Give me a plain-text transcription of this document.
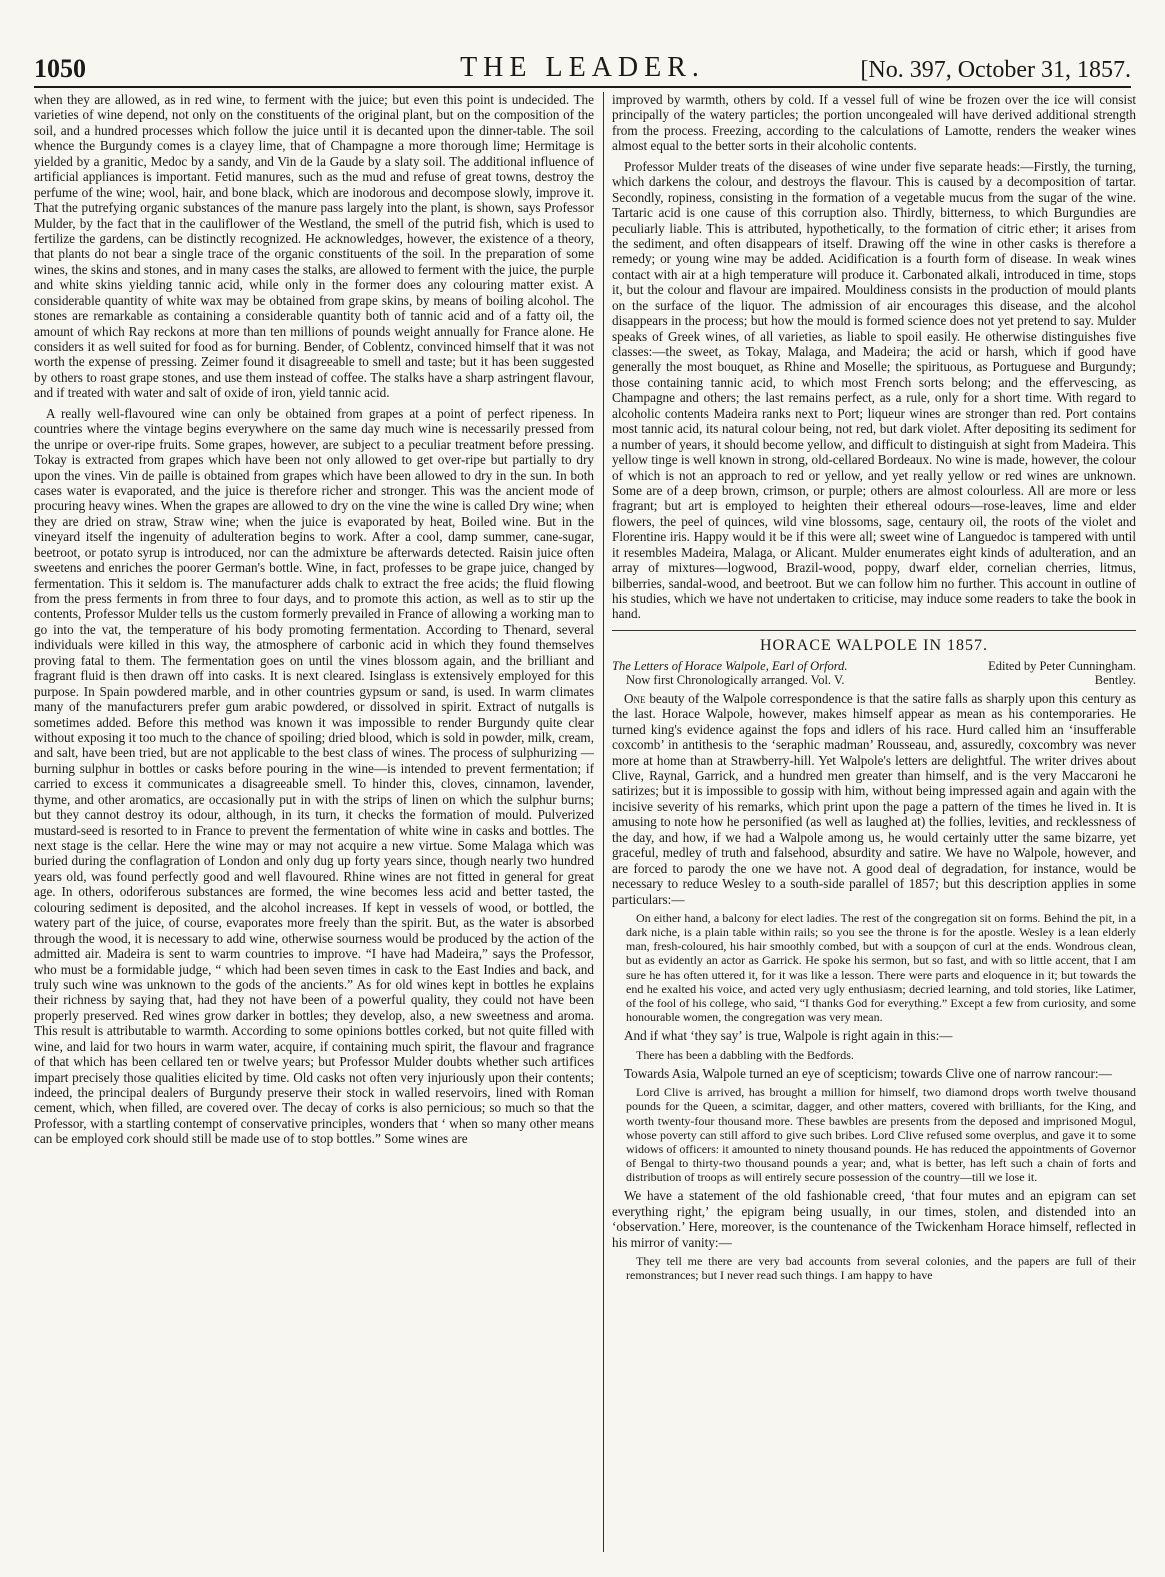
1050	THE LEADER.	[No. 397, October 31, 1857.

when they are allowed, as in red wine, to ferment with the juice; but even this point is undecided. The varieties of wine depend, not only on the constituents of the original plant, but on the composition of the soil, and a hundred processes which follow the juice until it is decanted upon the dinner-table. The soil whence the Burgundy comes is a clayey lime, that of Champagne a more thorough lime; Hermitage is yielded by a granitic, Medoc by a sandy, and Vin de la Gaude by a slaty soil. The additional influence of artificial appliances is important. Fetid manures, such as the mud and refuse of great towns, destroy the perfume of the wine; wool, hair, and bone black, which are inodorous and decompose slowly, improve it. That the putrefying organic substances of the manure pass largely into the plant, is shown, says Professor Mulder, by the fact that in the cauliflower of the Westland, the smell of the putrid fish, which is used to fertilize the gardens, can be distinctly recognized. He acknowledges, however, the existence of a theory, that plants do not bear a single trace of the organic constituents of the soil. In the preparation of some wines, the skins and stones, and in many cases the stalks, are allowed to ferment with the juice, the purple and white skins yielding tannic acid, while only in the former does any colouring matter exist. A considerable quantity of white wax may be obtained from grape skins, by means of boiling alcohol. The stones are remarkable as containing a considerable quantity both of tannic acid and of a fatty oil, the amount of which Ray reckons at more than ten millions of pounds weight annually for France alone. He considers it as well suited for food as for burning. Bender, of Coblentz, convinced himself that it was not worth the expense of pressing. Zeimer found it disagreeable to smell and taste; but it has been suggested by others to roast grape stones, and use them instead of coffee. The stalks have a sharp astringent flavour, and if treated with water and salt of oxide of iron, yield tannic acid.

A really well-flavoured wine can only be obtained from grapes at a point of perfect ripeness. In countries where the vintage begins everywhere on the same day much wine is necessarily pressed from the unripe or over-ripe fruits. Some grapes, however, are subject to a peculiar treatment before pressing. Tokay is extracted from grapes which have been not only allowed to get over-ripe but partially to dry upon the vines. Vin de paille is obtained from grapes which have been allowed to dry in the sun. In both cases water is evaporated, and the juice is therefore richer and stronger. This was the ancient mode of procuring heavy wines. When the grapes are allowed to dry on the vine the wine is called Dry wine; when they are dried on straw, Straw wine; when the juice is evaporated by heat, Boiled wine. But in the vineyard itself the ingenuity of adulteration begins to work. After a cool, damp summer, cane-sugar, beetroot, or potato syrup is introduced, nor can the admixture be afterwards detected. Raisin juice often sweetens and enriches the poorer German's bottle. Wine, in fact, professes to be grape juice, changed by fermentation. This it seldom is. The manufacturer adds chalk to extract the free acids; the fluid flowing from the press ferments in from three to four days, and to promote this action, as well as to stir up the contents, Professor Mulder tells us the custom formerly prevailed in France of allowing a working man to go into the vat, the temperature of his body promoting fermentation. According to Thenard, several individuals were killed in this way, the atmosphere of carbonic acid in which they found themselves proving fatal to them. The fermentation goes on until the vines blossom again, and the brilliant and fragrant fluid is then drawn off into casks. It is next cleared. Isinglass is extensively employed for this purpose. In Spain powdered marble, and in other countries gypsum or sand, is used. In warm climates many of the manufacturers prefer gum arabic powdered, or dissolved in spirit. Extract of nutgalls is sometimes added. Before this method was known it was impossible to render Burgundy quite clear without exposing it too much to the chance of spoiling; dried blood, which is sold in powder, milk, cream, and salt, have been tried, but are not applicable to the best class of wines. The process of sulphurizing —burning sulphur in bottles or casks before pouring in the wine—is intended to prevent fermentation; if carried to excess it communicates a disagreeable smell. To hinder this, cloves, cinnamon, lavender, thyme, and other aromatics, are occasionally put in with the strips of linen on which the sulphur burns; but they cannot destroy its odour, although, in its turn, it checks the formation of mould. Pulverized mustard-seed is resorted to in France to prevent the fermentation of white wine in casks and bottles. The next stage is the cellar. Here the wine may or may not acquire a new virtue. Some Malaga which was buried during the conflagration of London and only dug up forty years since, though nearly two hundred years old, was found perfectly good and well flavoured. Rhine wines are not fitted in general for great age. In others, odoriferous substances are formed, the wine becomes less acid and better tasted, the colouring sediment is deposited, and the alcohol increases. If kept in vessels of wood, or bottled, the watery part of the juice, of course, evaporates more freely than the spirit. But, as the water is absorbed through the wood, it is necessary to add wine, otherwise sourness would be produced by the action of the admitted air. Madeira is sent to warm countries to improve. “I have had Madeira,” says the Professor, who must be a formidable judge, “ which had been seven times in cask to the East Indies and back, and truly such wine was unknown to the gods of the ancients.” As for old wines kept in bottles he explains their richness by saying that, had they not have been of a powerful quality, they could not have been properly preserved. Red wines grow darker in bottles; they develop, also, a new sweetness and aroma. This result is attributable to warmth. According to some opinions bottles corked, but not quite filled with wine, and laid for two hours in warm water, acquire, if containing much spirit, the flavour and fragrance of that which has been cellared ten or twelve years; but Professor Mulder doubts whether such artifices impart precisely those qualities elicited by time. Old casks not often very injuriously upon their contents; indeed, the principal dealers of Burgundy preserve their stock in walled reservoirs, lined with Roman cement, which, when filled, are covered over. The decay of corks is also pernicious; so much so that the Professor, with a startling contempt of conservative principles, wonders that ‘ when so many other means can be employed cork should still be made use of to stop bottles.” Some wines are

improved by warmth, others by cold. If a vessel full of wine be frozen over the ice will consist principally of the watery particles; the portion uncongealed will have derived additional strength from the process. Freezing, according to the calculations of Lamotte, renders the weaker wines almost equal to the better sorts in their alcoholic contents.

Professor Mulder treats of the diseases of wine under five separate heads:—Firstly, the turning, which darkens the colour, and destroys the flavour. This is caused by a decomposition of tartar. Secondly, ropiness, consisting in the formation of a vegetable mucus from the sugar of the wine. Tartaric acid is one cause of this corruption also. Thirdly, bitterness, to which Burgundies are peculiarly liable. This is attributed, hypothetically, to the formation of citric ether; it arises from the sediment, and often disappears of itself. Drawing off the wine in other casks is therefore a remedy; or young wine may be added. Acidification is a fourth form of disease. In weak wines contact with air at a high temperature will produce it. Carbonated alkali, introduced in time, stops it, but the colour and flavour are impaired. Mouldiness consists in the production of mould plants on the surface of the liquor. The admission of air encourages this disease, and the alcohol disappears in the process; but how the mould is formed science does not yet pretend to say. Mulder speaks of Greek wines, of all varieties, as liable to spoil easily. He otherwise distinguishes five classes:—the sweet, as Tokay, Malaga, and Madeira; the acid or harsh, which if good have generally the most bouquet, as Rhine and Moselle; the spirituous, as Portuguese and Burgundy; those containing tannic acid, to which most French sorts belong; and the effervescing, as Champagne and others; the last remains perfect, as a rule, only for a short time. With regard to alcoholic contents Madeira ranks next to Port; liqueur wines are stronger than red. Port contains most tannic acid, its natural colour being, not red, but dark violet. After depositing its sediment for a number of years, it should become yellow, and difficult to distinguish at sight from Madeira. This yellow tinge is well known in strong, old-cellared Bordeaux. No wine is made, however, the colour of which is not an approach to red or yellow, and yet really yellow or red wines are unknown. Some are of a deep brown, crimson, or purple; others are almost colourless. All are more or less fragrant; but art is employed to heighten their ethereal odours—rose-leaves, lime and elder flowers, the peel of quinces, wild vine blossoms, sage, centaury oil, the roots of the violet and Florentine iris. Happy would it be if this were all; sweet wine of Languedoc is tampered with until it resembles Madeira, Malaga, or Alicant. Mulder enumerates eight kinds of adulteration, and an array of mixtures—logwood, Brazil-wood, poppy, dwarf elder, cornelian cherries, litmus, bilberries, sandal-wood, and beetroot. But we can follow him no further. This account in outline of his studies, which we have not undertaken to criticise, may induce some readers to take the book in hand.

HORACE WALPOLE IN 1857.

The Letters of Horace Walpole, Earl of Orford.	Edited by Peter Cunningham.

Now first Chronologically arranged. Vol. V.	Bentley.

One beauty of the Walpole correspondence is that the satire falls as sharply upon this century as the last. Horace Walpole, however, makes himself appear as mean as his contemporaries. He turned king's evidence against the fops and idlers of his race. Hurd called him an ‘insufferable coxcomb’ in antithesis to the ‘seraphic madman’ Rousseau, and, assuredly, coxcombry was never more at home than at Strawberry-hill. Yet Walpole's letters are delightful. The writer drives about Clive, Raynal, Garrick, and a hundred men greater than himself, and is the very Maccaroni he satirizes; but it is impossible to gossip with him, without being impressed again and again with the incisive severity of his remarks, which print upon the page a pattern of the times he lived in. It is amusing to note how he personified (as well as laughed at) the follies, levities, and recklessness of the day, and how, if we had a Walpole among us, he would certainly utter the same bizarre, yet graceful, medley of truth and falsehood, absurdity and satire. We have no Walpole, however, and are forced to parody the one we have not. A good deal of degradation, for instance, would be necessary to reduce Wesley to a south-side parallel of 1857; but this description applies in some particulars:—

On either hand, a balcony for elect ladies. The rest of the congregation sit on forms. Behind the pit, in a dark niche, is a plain table within rails; so you see the throne is for the apostle. Wesley is a lean elderly man, fresh-coloured, his hair smoothly combed, but with a soupçon of curl at the ends. Wondrous clean, but as evidently an actor as Garrick. He spoke his sermon, but so fast, and with so little accent, that I am sure he has often uttered it, for it was like a lesson. There were parts and eloquence in it; but towards the end he exalted his voice, and acted very ugly enthusiasm; decried learning, and told stories, like Latimer, of the fool of his college, who said, “I thanks God for everything.” Except a few from curiosity, and some honourable women, the congregation was very mean.

And if what ‘they say’ is true, Walpole is right again in this:—

There has been a dabbling with the Bedfords.

Towards Asia, Walpole turned an eye of scepticism; towards Clive one of narrow rancour:—

Lord Clive is arrived, has brought a million for himself, two diamond drops worth twelve thousand pounds for the Queen, a scimitar, dagger, and other matters, covered with brilliants, for the King, and worth twenty-four thousand more. These bawbles are presents from the deposed and imprisoned Mogul, whose poverty can still afford to give such bribes. Lord Clive refused some overplus, and gave it to some widows of officers: it amounted to ninety thousand pounds. He has reduced the appointments of Governor of Bengal to thirty-two thousand pounds a year; and, what is better, has left such a chain of forts and distribution of troops as will entirely secure possession of the country—till we lose it.

We have a statement of the old fashionable creed, ‘that four mutes and an epigram can set everything right,’ the epigram being usually, in our times, stolen, and distended into an ‘observation.’ Here, moreover, is the countenance of the Twickenham Horace himself, reflected in his mirror of vanity:—

They tell me there are very bad accounts from several colonies, and the papers are full of their remonstrances; but I never read such things. I am happy to have
